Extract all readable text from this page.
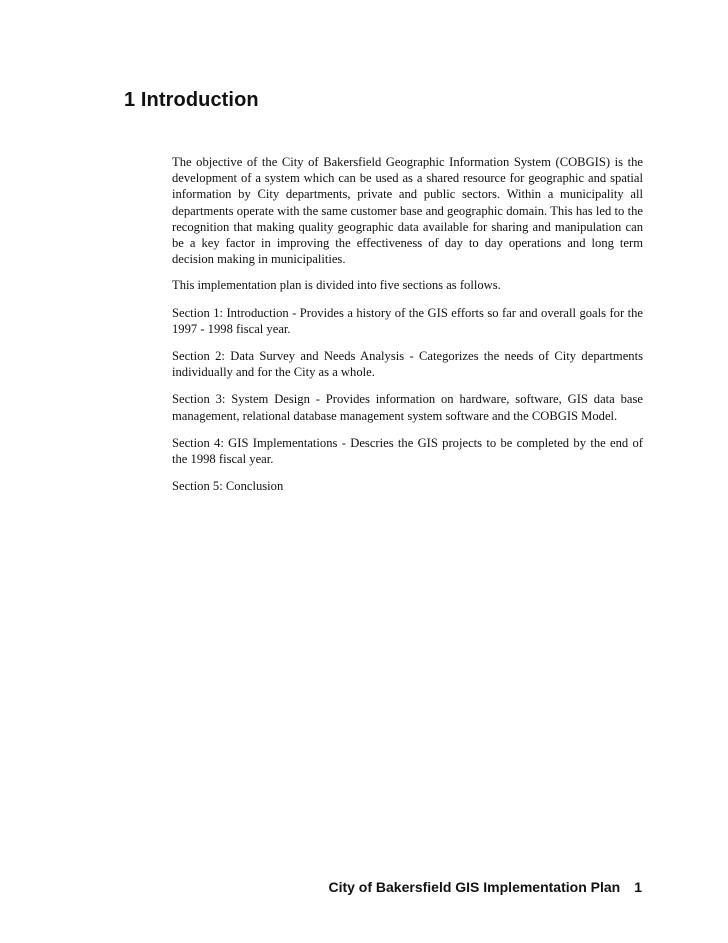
1 Introduction

The objective of the City of Bakersfield Geographic Information System (COBGIS) is the development of a system which can be used as a shared resource for geographic and spatial information by City departments, private and public sectors. Within a municipality all departments operate with the same customer base and geographic domain. This has led to the recognition that making quality geographic data available for sharing and manipulation can be a key factor in improving the effectiveness of day to day operations and long term decision making in municipalities.

This implementation plan is divided into five sections as follows.

Section 1: Introduction - Provides a history of the GIS efforts so far and overall goals for the 1997 - 1998 fiscal year.

Section 2: Data Survey and Needs Analysis - Categorizes the needs of City departments individually and for the City as a whole.

Section 3: System Design - Provides information on hardware, software, GIS data base management, relational database management system software and the COBGIS Model.

Section 4: GIS Implementations - Descries the GIS projects to be completed by the end of the 1998 fiscal year.

Section 5: Conclusion

City of Bakersfield GIS Implementation Plan 1
